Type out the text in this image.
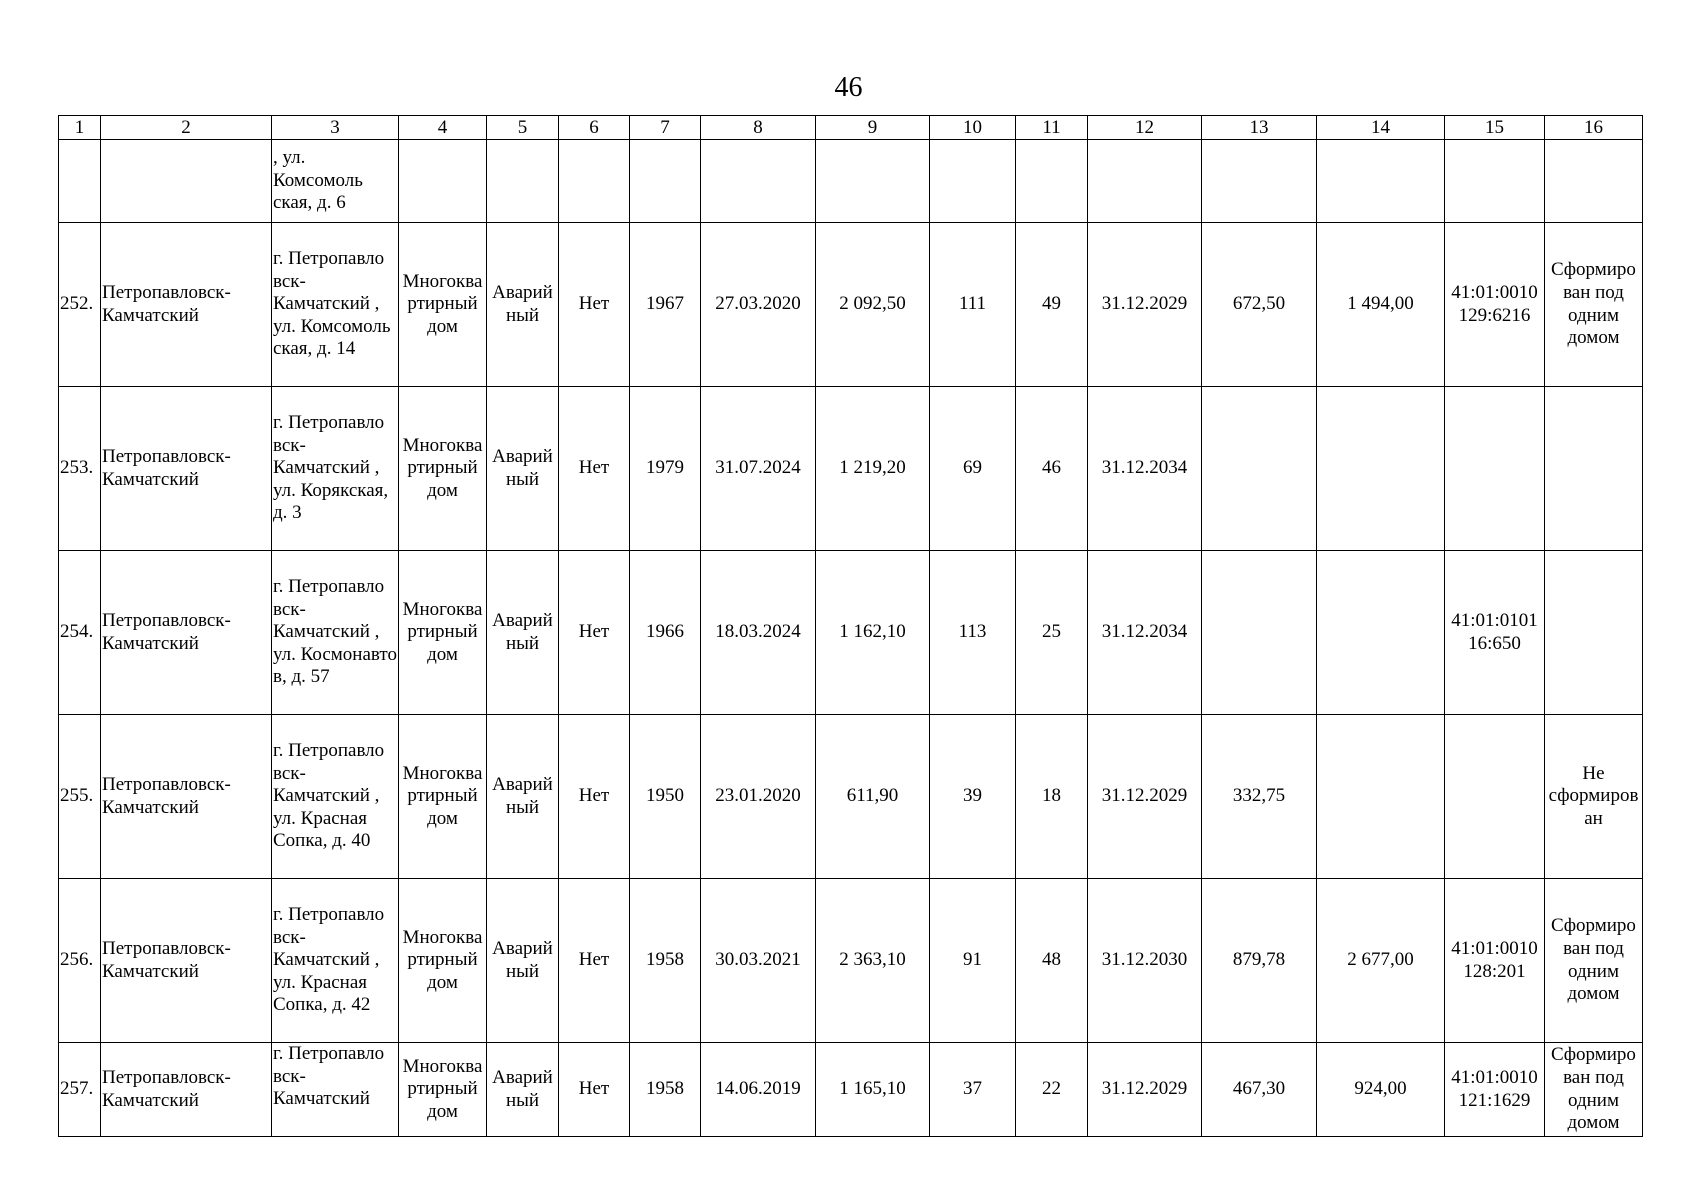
46
1	2	3	4	5	6	7	8	9	10	11	12	13	14	15	16
		, ул. Комсомоль ская, д. 6													
252.	Петропавловск-Камчатский	г. Петропавло вск-Камчатский , ул. Комсомоль ская, д. 14	Многоква ртирный дом	Аварий ный	Нет	1967	27.03.2020	2 092,50	111	49	31.12.2029	672,50	1 494,00	41:01:0010 129:6216	Сформиро ван под одним домом
253.	Петропавловск-Камчатский	г. Петропавло вск-Камчатский , ул. Корякская, д. 3	Многоква ртирный дом	Аварий ный	Нет	1979	31.07.2024	1 219,20	69	46	31.12.2034				
254.	Петропавловск-Камчатский	г. Петропавло вск-Камчатский , ул. Космонавто в, д. 57	Многоква ртирный дом	Аварий ный	Нет	1966	18.03.2024	1 162,10	113	25	31.12.2034			41:01:0101 16:650	
255.	Петропавловск-Камчатский	г. Петропавло вск-Камчатский , ул. Красная Сопка, д. 40	Многоква ртирный дом	Аварий ный	Нет	1950	23.01.2020	611,90	39	18	31.12.2029	332,75			Не сформиров ан
256.	Петропавловск-Камчатский	г. Петропавло вск-Камчатский , ул. Красная Сопка, д. 42	Многоква ртирный дом	Аварий ный	Нет	1958	30.03.2021	2 363,10	91	48	31.12.2030	879,78	2 677,00	41:01:0010 128:201	Сформиро ван под одним домом
257.	Петропавловск-Камчатский	г. Петропавло вск-Камчатский	Многоква ртирный дом	Аварий ный	Нет	1958	14.06.2019	1 165,10	37	22	31.12.2029	467,30	924,00	41:01:0010 121:1629	Сформиро ван под одним домом
